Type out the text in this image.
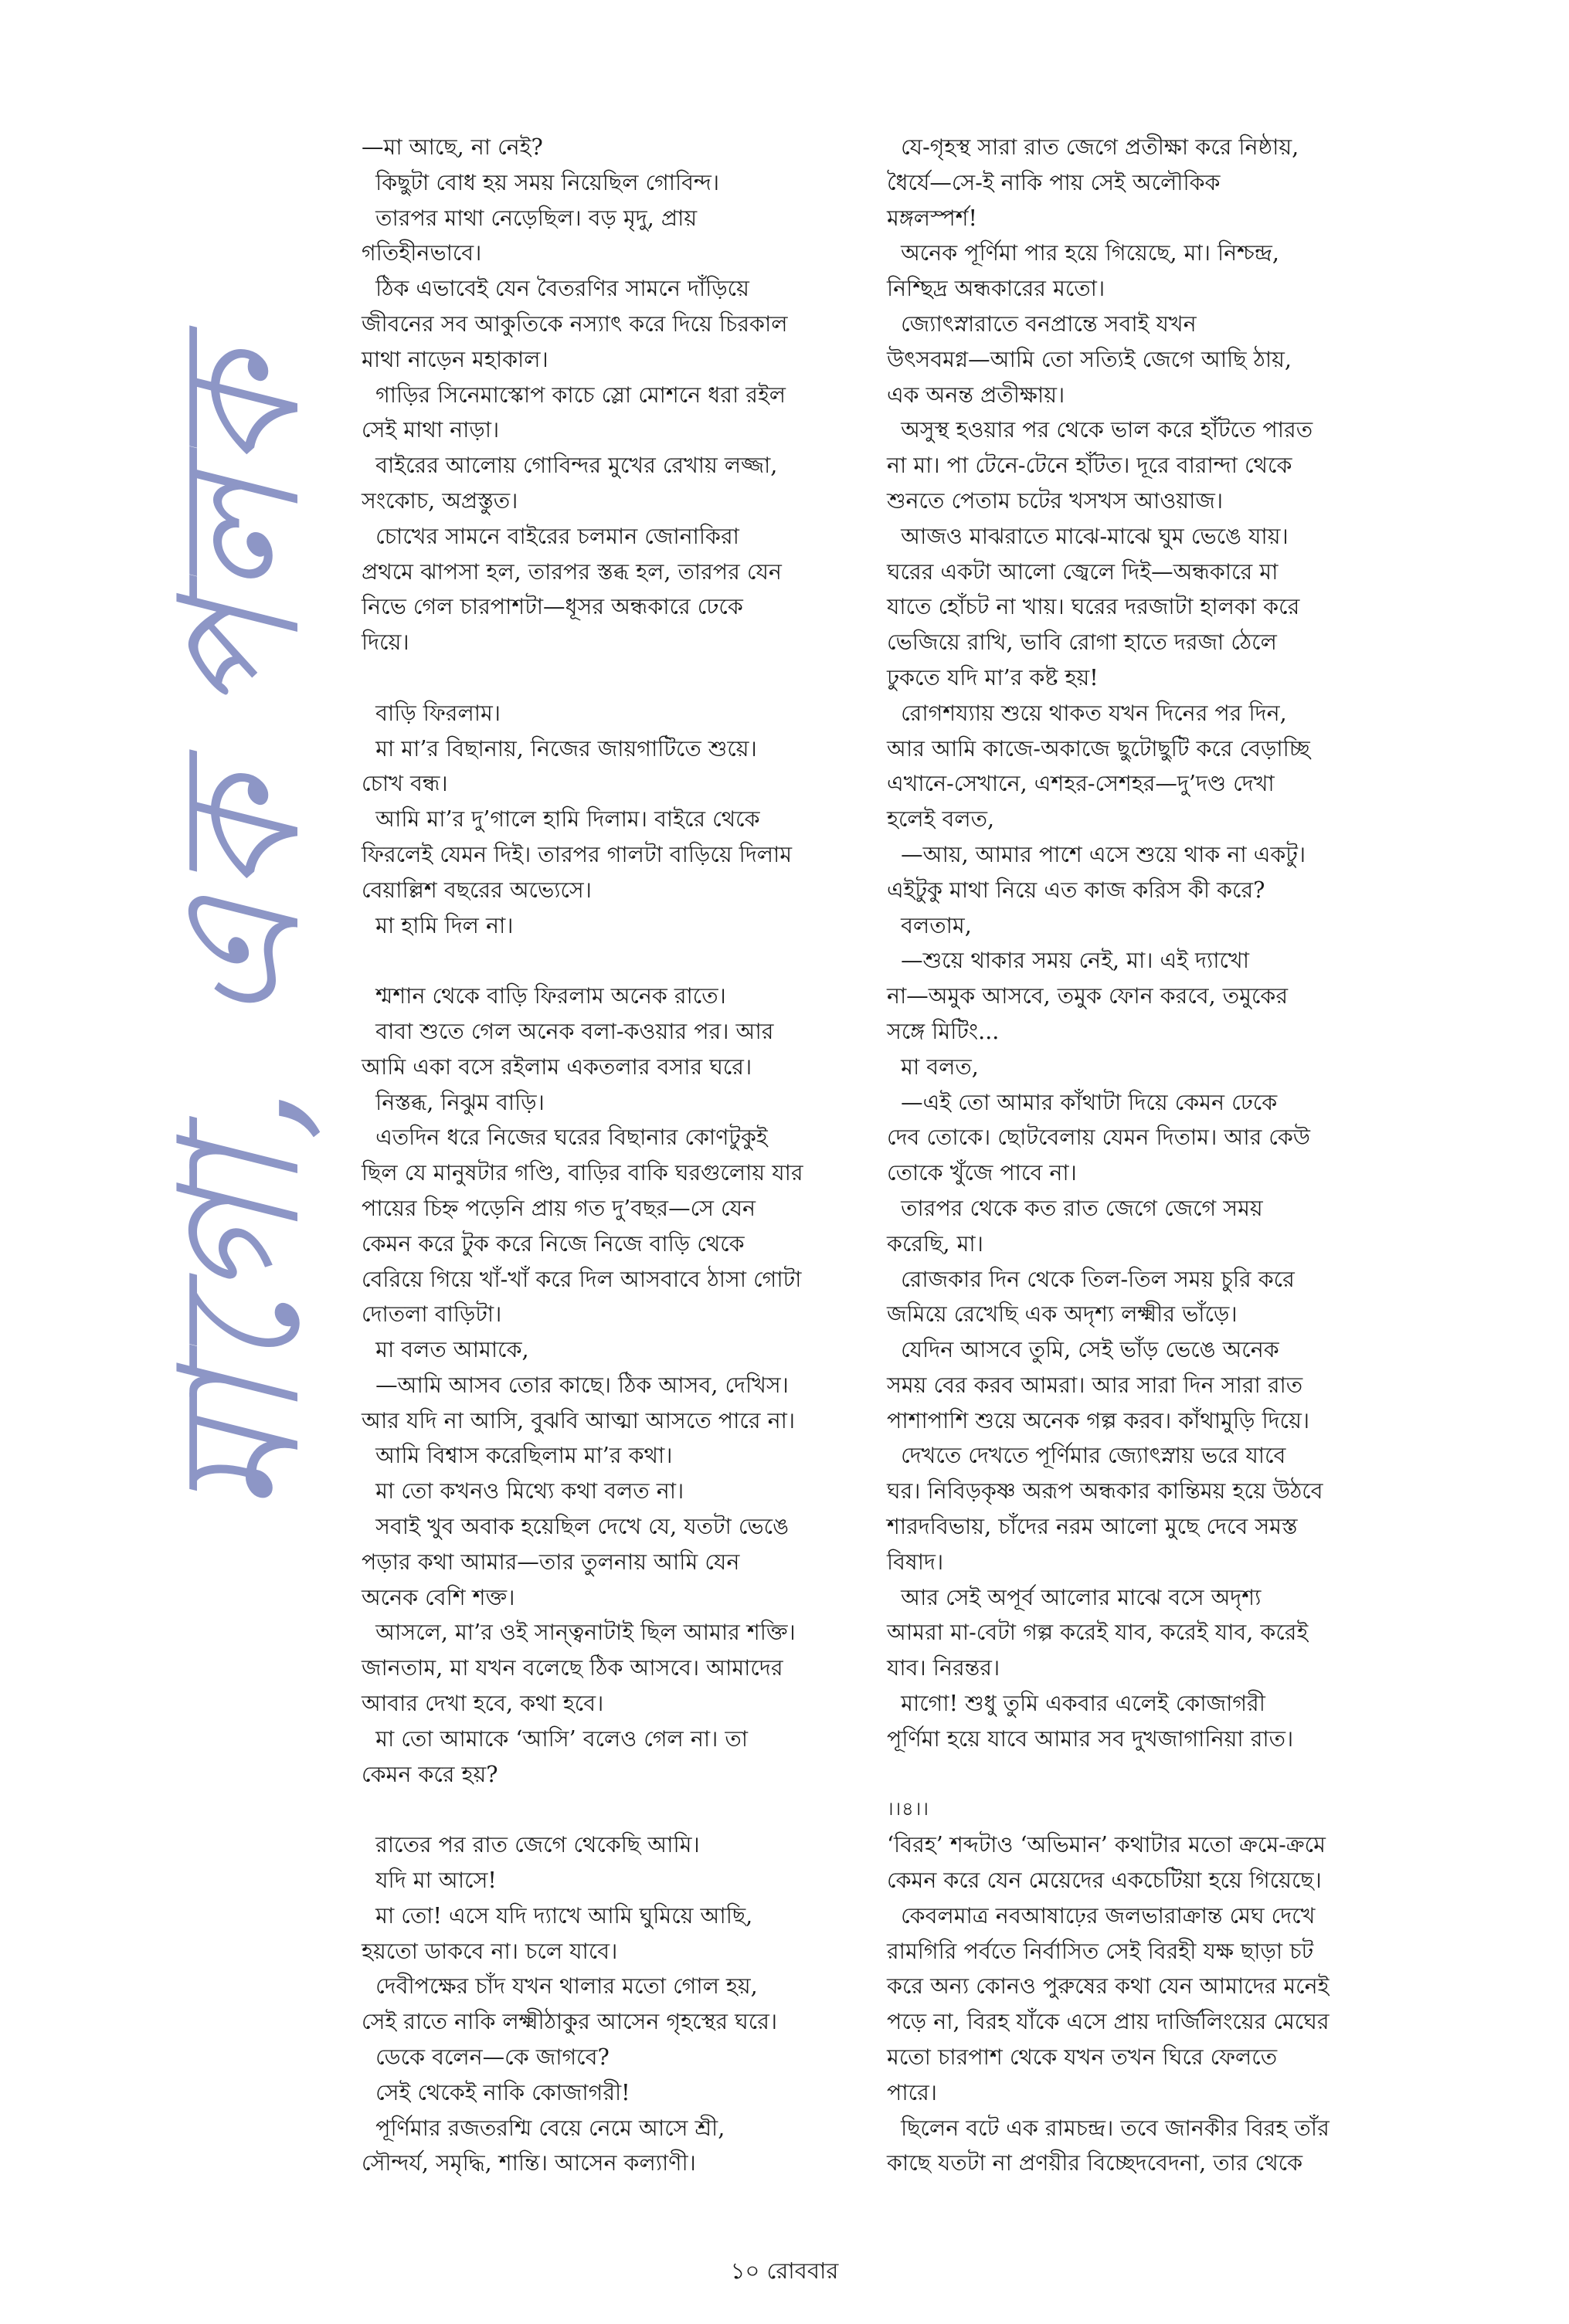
মাগো, এক পলক

—মা আছে, না নেই?

কিছুটা বোধ হয় সময় নিয়েছিল গোবিন্দ।

তারপর মাথা নেড়েছিল। বড় মৃদু, প্রায়
গতিহীনভাবে।

ঠিক এভাবেই যেন বৈতরণির সামনে দাঁড়িয়ে
জীবনের সব আকুতিকে নস্যাৎ করে দিয়ে চিরকাল
মাথা নাড়েন মহাকাল।

গাড়ির সিনেমাস্কোপ কাচে স্লো মোশনে ধরা রইল
সেই মাথা নাড়া।

বাইরের আলোয় গোবিন্দর মুখের রেখায় লজ্জা,
সংকোচ, অপ্রস্তুত।

চোখের সামনে বাইরের চলমান জোনাকিরা
প্রথমে ঝাপসা হল, তারপর স্তব্ধ হল, তারপর যেন
নিভে গেল চারপাশটা—ধূসর অন্ধকারে ঢেকে
দিয়ে।

বাড়ি ফিরলাম।

মা মা’র বিছানায়, নিজের জায়গাটিতে শুয়ে।
চোখ বন্ধ।

আমি মা’র দু’গালে হামি দিলাম। বাইরে থেকে
ফিরলেই যেমন দিই। তারপর গালটা বাড়িয়ে দিলাম
বেয়াল্লিশ বছরের অভ্যেসে।

মা হামি দিল না।

শ্মশান থেকে বাড়ি ফিরলাম অনেক রাতে।

বাবা শুতে গেল অনেক বলা-কওয়ার পর। আর
আমি একা বসে রইলাম একতলার বসার ঘরে।

নিস্তব্ধ, নিঝুম বাড়ি।

এতদিন ধরে নিজের ঘরের বিছানার কোণটুকুই
ছিল যে মানুষটার গণ্ডি, বাড়ির বাকি ঘরগুলোয় যার
পায়ের চিহ্ন পড়েনি প্রায় গত দু’বছর—সে যেন
কেমন করে টুক করে নিজে নিজে বাড়ি থেকে
বেরিয়ে গিয়ে খাঁ-খাঁ করে দিল আসবাবে ঠাসা গোটা
দোতলা বাড়িটা।

মা বলত আমাকে,

—আমি আসব তোর কাছে। ঠিক আসব, দেখিস।
আর যদি না আসি, বুঝবি আত্মা আসতে পারে না।

আমি বিশ্বাস করেছিলাম মা’র কথা।

মা তো কখনও মিথ্যে কথা বলত না।

সবাই খুব অবাক হয়েছিল দেখে যে, যতটা ভেঙে
পড়ার কথা আমার—তার তুলনায় আমি যেন
অনেক বেশি শক্ত।

আসলে, মা’র ওই সান্ত্বনাটাই ছিল আমার শক্তি।
জানতাম, মা যখন বলেছে ঠিক আসবে। আমাদের
আবার দেখা হবে, কথা হবে।

মা তো আমাকে ‘আসি’ বলেও গেল না। তা
কেমন করে হয়?

রাতের পর রাত জেগে থেকেছি আমি।

যদি মা আসে!

মা তো! এসে যদি দ্যাখে আমি ঘুমিয়ে আছি,
হয়তো ডাকবে না। চলে যাবে।

দেবীপক্ষের চাঁদ যখন থালার মতো গোল হয়,
সেই রাতে নাকি লক্ষ্মীঠাকুর আসেন গৃহস্থের ঘরে।

ডেকে বলেন—কে জাগবে?

সেই থেকেই নাকি কোজাগরী!

পূর্ণিমার রজতরশ্মি বেয়ে নেমে আসে শ্রী,
সৌন্দর্য, সমৃদ্ধি, শান্তি। আসেন কল্যাণী।

যে-গৃহস্থ সারা রাত জেগে প্রতীক্ষা করে নিষ্ঠায়,
ধৈর্যে—সে-ই নাকি পায় সেই অলৌকিক
মঙ্গলস্পর্শ!

অনেক পূর্ণিমা পার হয়ে গিয়েছে, মা। নিশ্চন্দ্র,
নিশ্ছিদ্র অন্ধকারের মতো।

জ্যোৎস্নারাতে বনপ্রান্তে সবাই যখন
উৎসবমগ্ন—আমি তো সত্যিই জেগে আছি ঠায়,
এক অনন্ত প্রতীক্ষায়।

অসুস্থ হওয়ার পর থেকে ভাল করে হাঁটতে পারত
না মা। পা টেনে-টেনে হাঁটত। দূরে বারান্দা থেকে
শুনতে পেতাম চটের খসখস আওয়াজ।

আজও মাঝরাতে মাঝে-মাঝে ঘুম ভেঙে যায়।
ঘরের একটা আলো জ্বেলে দিই—অন্ধকারে মা
যাতে হোঁচট না খায়। ঘরের দরজাটা হালকা করে
ভেজিয়ে রাখি, ভাবি রোগা হাতে দরজা ঠেলে
ঢুকতে যদি মা’র কষ্ট হয়!

রোগশয্যায় শুয়ে থাকত যখন দিনের পর দিন,
আর আমি কাজে-অকাজে ছুটোছুটি করে বেড়াচ্ছি
এখানে-সেখানে, এশহর-সেশহর—দু’দণ্ড দেখা
হলেই বলত,

—আয়, আমার পাশে এসে শুয়ে থাক না একটু।
এইটুকু মাথা নিয়ে এত কাজ করিস কী করে?

বলতাম,

—শুয়ে থাকার সময় নেই, মা। এই দ্যাখো
না—অমুক আসবে, তমুক ফোন করবে, তমুকের
সঙ্গে মিটিং...

মা বলত,

—এই তো আমার কাঁথাটা দিয়ে কেমন ঢেকে
দেব তোকে। ছোটবেলায় যেমন দিতাম। আর কেউ
তোকে খুঁজে পাবে না।

তারপর থেকে কত রাত জেগে জেগে সময়
করেছি, মা।

রোজকার দিন থেকে তিল-তিল সময় চুরি করে
জমিয়ে রেখেছি এক অদৃশ্য লক্ষ্মীর ভাঁড়ে।

যেদিন আসবে তুমি, সেই ভাঁড় ভেঙে অনেক
সময় বের করব আমরা। আর সারা দিন সারা রাত
পাশাপাশি শুয়ে অনেক গল্প করব। কাঁথামুড়ি দিয়ে।

দেখতে দেখতে পূর্ণিমার জ্যোৎস্নায় ভরে যাবে
ঘর। নিবিড়কৃষ্ণ অরূপ অন্ধকার কান্তিময় হয়ে উঠবে
শারদবিভায়, চাঁদের নরম আলো মুছে দেবে সমস্ত
বিষাদ।

আর সেই অপূর্ব আলোর মাঝে বসে অদৃশ্য
আমরা মা-বেটা গল্প করেই যাব, করেই যাব, করেই
যাব। নিরন্তর।

মাগো! শুধু তুমি একবার এলেই কোজাগরী
পূর্ণিমা হয়ে যাবে আমার সব দুখজাগানিয়া রাত।

।।৪।।

‘বিরহ’ শব্দটাও ‘অভিমান’ কথাটার মতো ক্রমে-ক্রমে
কেমন করে যেন মেয়েদের একচেটিয়া হয়ে গিয়েছে।

কেবলমাত্র নবআষাঢ়ের জলভারাক্রান্ত মেঘ দেখে
রামগিরি পর্বতে নির্বাসিত সেই বিরহী যক্ষ ছাড়া চট
করে অন্য কোনও পুরুষের কথা যেন আমাদের মনেই
পড়ে না, বিরহ যাঁকে এসে প্রায় দার্জিলিংয়ের মেঘের
মতো চারপাশ থেকে যখন তখন ঘিরে ফেলতে
পারে।

ছিলেন বটে এক রামচন্দ্র। তবে জানকীর বিরহ তাঁর
কাছে যতটা না প্রণয়ীর বিচ্ছেদবেদনা, তার থেকে

১০ রোববার
